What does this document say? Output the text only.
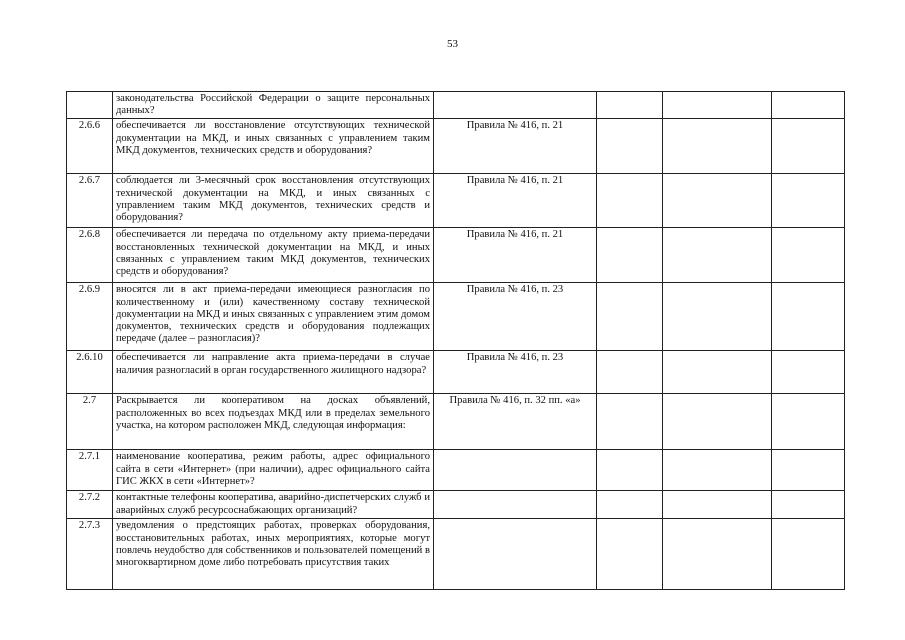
53
	законодательства Российской Федерации о защите персональных данных?				
2.6.6	обеспечивается ли восстановление отсутствующих технической документации на МКД, и иных связанных с управлением таким МКД документов, технических средств и оборудования?	Правила № 416, п. 21			
2.6.7	соблюдается ли 3-месячный срок восстановления отсутствующих технической документации на МКД, и иных связанных с управлением таким МКД документов, технических средств и оборудования?	Правила № 416, п. 21			
2.6.8	обеспечивается ли передача по отдельному акту приема-передачи восстановленных технической документации на МКД, и иных связанных с управлением таким МКД документов, технических средств и оборудования?	Правила № 416, п. 21			
2.6.9	вносятся ли в акт приема-передачи имеющиеся разногласия по количественному и (или) качественному составу технической документации на МКД и иных связанных с управлением этим домом документов, технических средств и оборудования подлежащих передаче (далее – разногласия)?	Правила № 416, п. 23			
2.6.10	обеспечивается ли направление акта приема-передачи в случае наличия разногласий в орган государственного жилищного надзора?	Правила № 416, п. 23			
2.7	Раскрывается ли кооперативом на досках объявлений, расположенных во всех подъездах МКД или в пределах земельного участка, на котором расположен МКД, следующая информация:	Правила № 416, п. 32 пп. «а»			
2.7.1	наименование кооператива, режим работы, адрес официального сайта в сети «Интернет» (при наличии), адрес официального сайта ГИС ЖКХ в сети «Интернет»?				
2.7.2	контактные телефоны кооператива, аварийно-диспетчерских служб и аварийных служб ресурсоснабжающих организаций?				
2.7.3	уведомления о предстоящих работах, проверках оборудования, восстановительных работах, иных мероприятиях, которые могут повлечь неудобство для собственников и пользователей помещений в многоквартирном доме либо потребовать присутствия таких				
